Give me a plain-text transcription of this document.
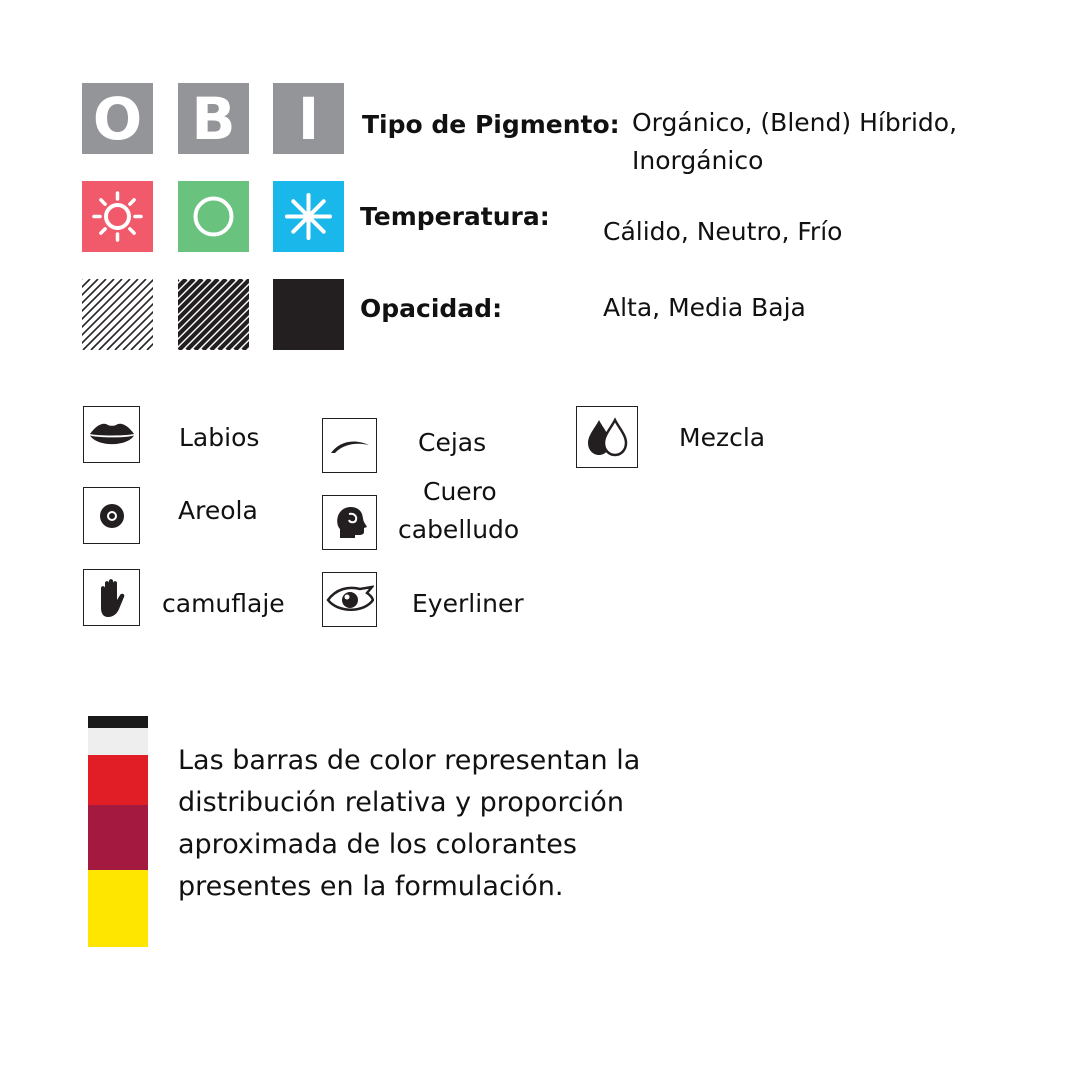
O B I Tipo de Pigmento: Orgánico, (Blend) Híbrido,
Inorgánico
Temperatura:
Cálido, Neutro, Frío
Opacidad:	Alta, Media Baja
Labios	Cejas	Mezcla
Areola
Cuero
cabelludo
camuflaje	Eyerliner
Las barras de color representan la
distribución relativa y proporción
aproximada de los colorantes
presentes en la formulación.
